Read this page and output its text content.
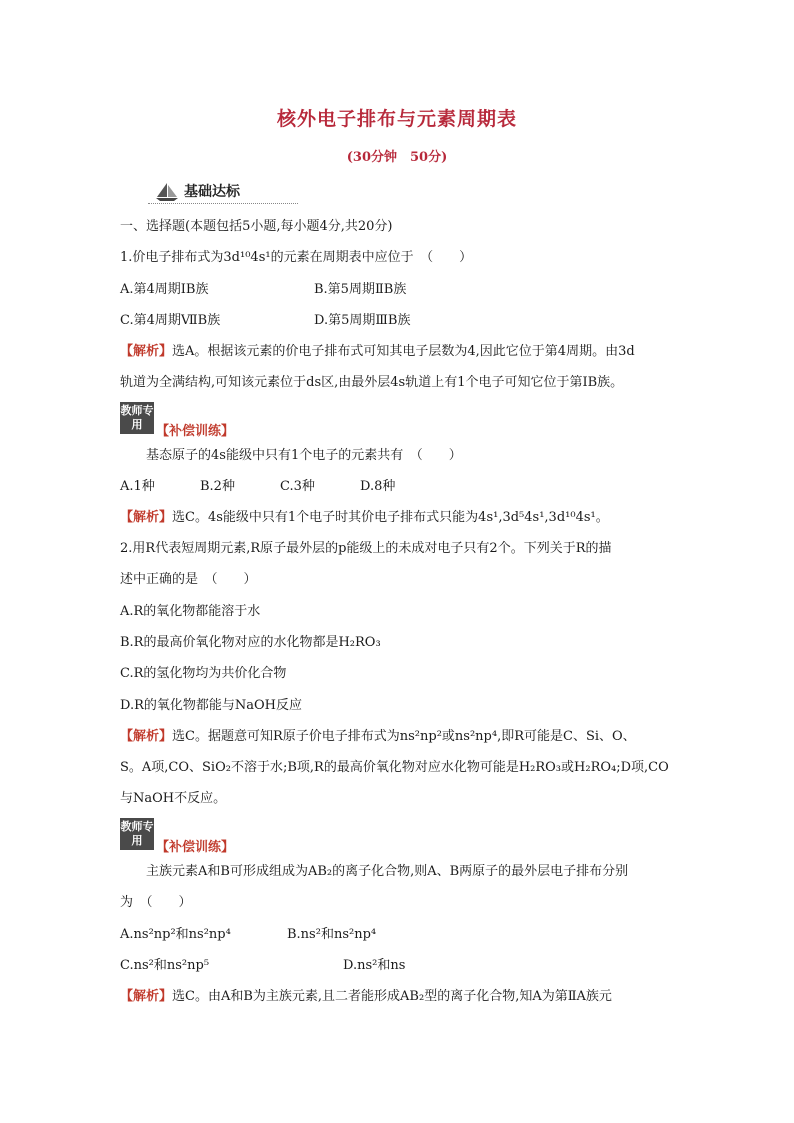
核外电子排布与元素周期表
(30分钟　50分)
基础达标
一、选择题(本题包括5小题,每小题4分,共20分)
1.价电子排布式为3d¹⁰4s¹的元素在周期表中应位于　（　　）
A.第4周期ⅠB族	B.第5周期ⅡB族
C.第4周期ⅦB族	D.第5周期ⅢB族
【解析】选A。根据该元素的价电子排布式可知其电子层数为4,因此它位于第4周期。由3d
轨道为全满结构,可知该元素位于ds区,由最外层4s轨道上有1个电子可知它位于第ⅠB族。
教师专用	【补偿训练】
基态原子的4s能级中只有1个电子的元素共有　（　　）
A.1种	B.2种	C.3种	D.8种
【解析】选C。4s能级中只有1个电子时其价电子排布式只能为4s¹,3d⁵4s¹,3d¹⁰4s¹。
2.用R代表短周期元素,R原子最外层的p能级上的未成对电子只有2个。下列关于R的描
述中正确的是　（　　）
A.R的氧化物都能溶于水
B.R的最高价氧化物对应的水化物都是H₂RO₃
C.R的氢化物均为共价化合物
D.R的氧化物都能与NaOH反应
【解析】选C。据题意可知R原子价电子排布式为ns²np²或ns²np⁴,即R可能是C、Si、O、
S。A项,CO、SiO₂不溶于水;B项,R的最高价氧化物对应水化物可能是H₂RO₃或H₂RO₄;D项,CO
与NaOH不反应。
教师专用	【补偿训练】
主族元素A和B可形成组成为AB₂的离子化合物,则A、B两原子的最外层电子排布分别
为　（　　）
A.ns²np²和ns²np⁴	B.ns²和ns²np⁴
C.ns²和ns²np⁵	D.ns²和ns
【解析】选C。由A和B为主族元素,且二者能形成AB₂型的离子化合物,知A为第ⅡA族元
